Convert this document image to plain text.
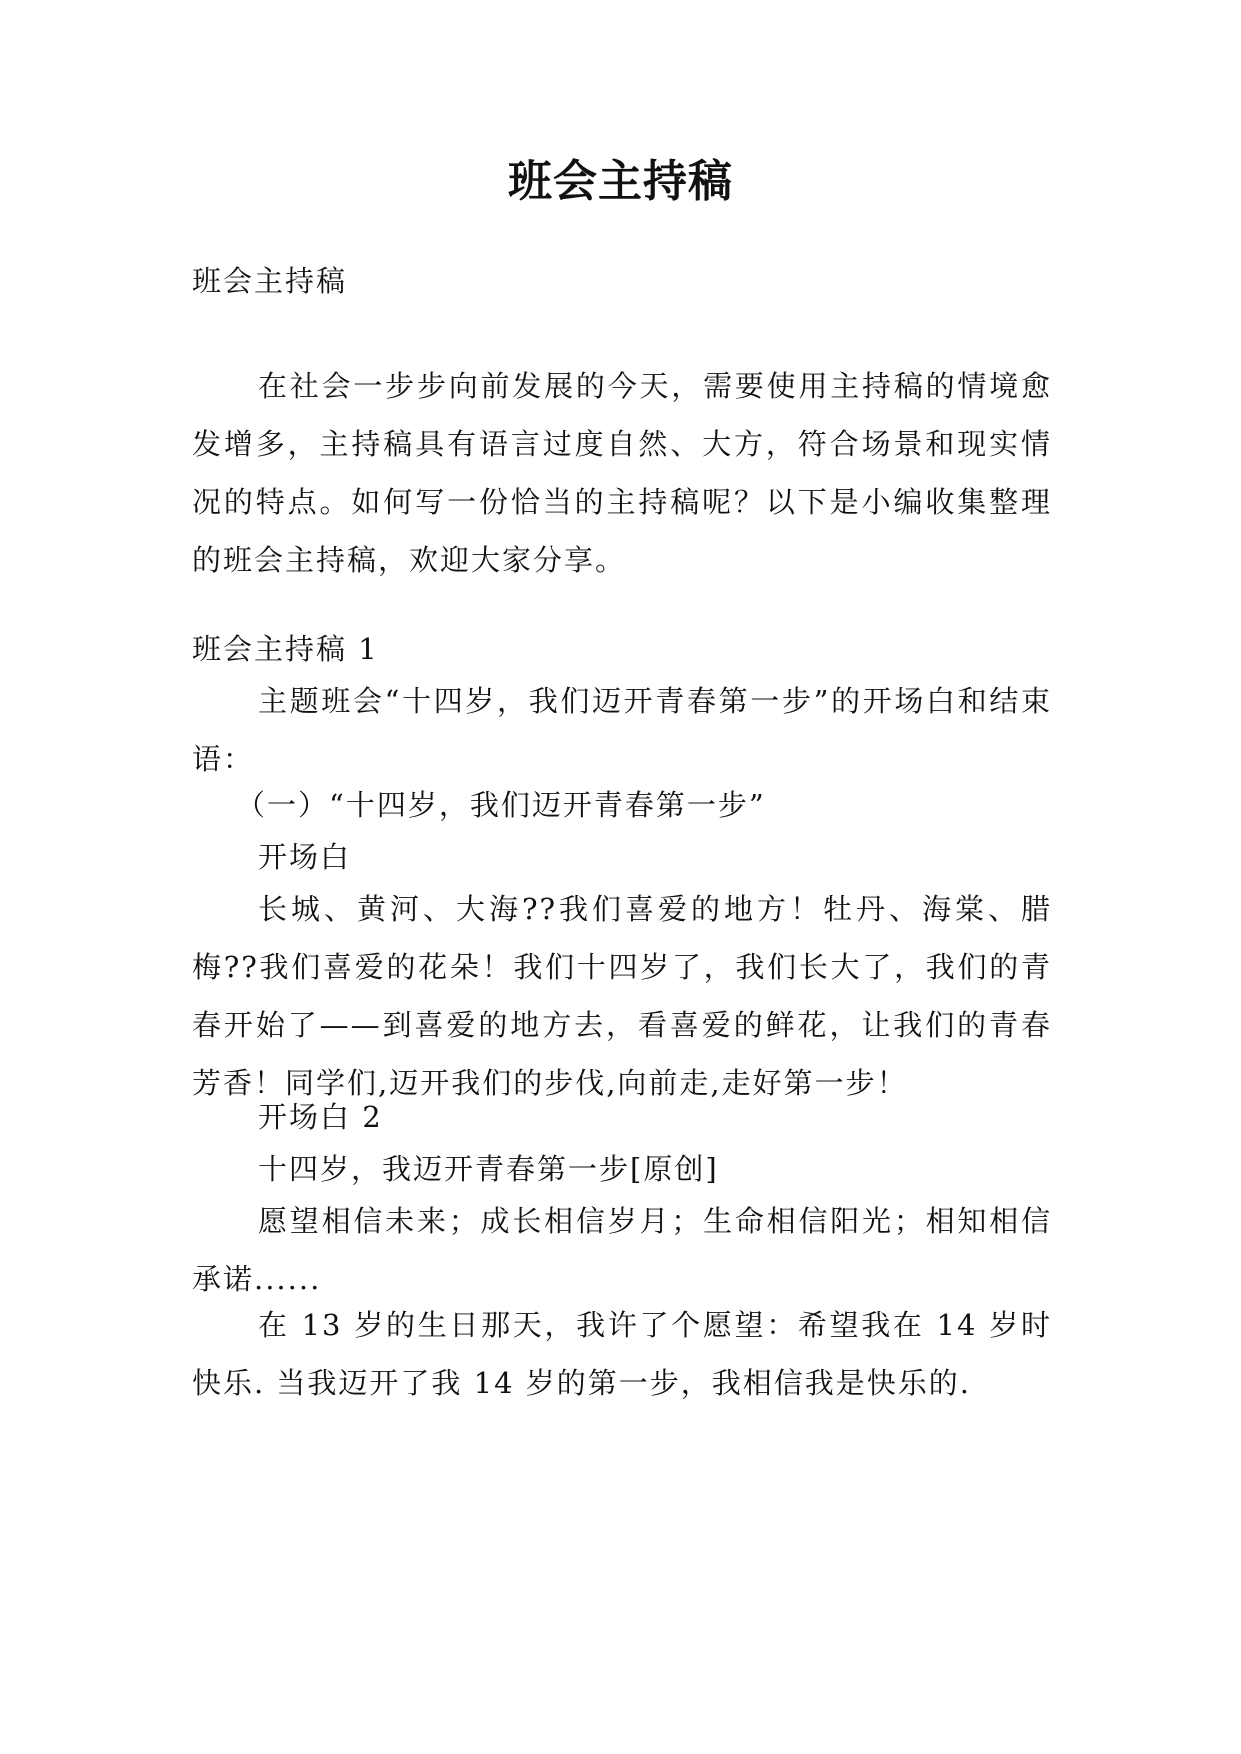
班会主持稿
班会主持稿
在社会一步步向前发展的今天，需要使用主持稿的情境愈发增多，主持稿具有语言过度自然、大方，符合场景和现实情况的特点。如何写一份恰当的主持稿呢？以下是小编收集整理的班会主持稿，欢迎大家分享。
班会主持稿 1
主题班会“十四岁，我们迈开青春第一步”的开场白和结束语：
（一）“十四岁，我们迈开青春第一步”
开场白
长城、黄河、大海??我们喜爱的地方！牡丹、海棠、腊梅??我们喜爱的花朵！我们十四岁了，我们长大了，我们的青春开始了——到喜爱的地方去，看喜爱的鲜花，让我们的青春芳香！同学们,迈开我们的步伐,向前走,走好第一步！
开场白 2
十四岁，我迈开青春第一步[原创]
愿望相信未来；成长相信岁月；生命相信阳光；相知相信承诺......
在 13 岁的生日那天，我许了个愿望：希望我在 14 岁时快乐. 当我迈开了我 14 岁的第一步，我相信我是快乐的.
